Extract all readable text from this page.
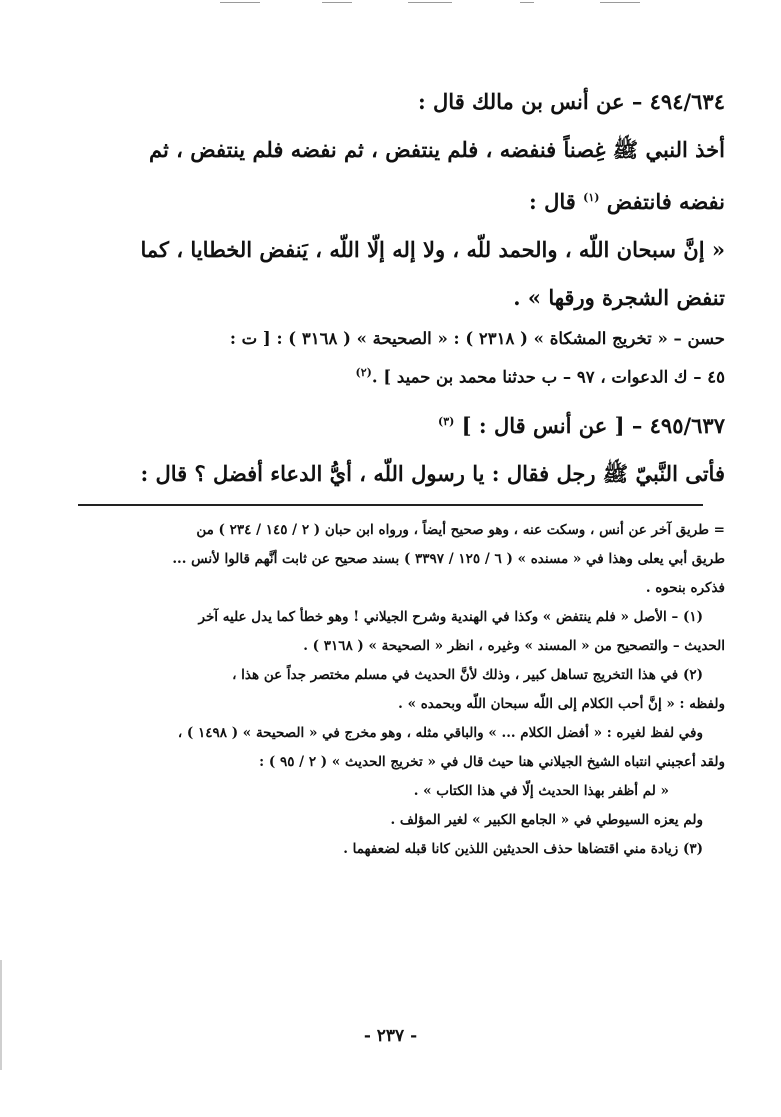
٤٩٤/٦٣٤ – عن أنس بن مالك قال :
أخذ النبي ﷺ غِصناً فنفضه ، فلم ينتفض ، ثم نفضه فلم ينتفض ، ثم
نفضه فانتفض $^{(١)}$ قال :
« إنَّ سبحان اللّه ، والحمد للّه ، ولا إله إلّا اللّه ، يَنفض الخطايا ، كما
تنفض الشجرة ورقها » .
حسن – « تخريج المشكاة » ( ٢٣١٨ ) : « الصحيحة » ( ٣١٦٨ ) : [ ت :
٤٥ – ك الدعوات ، ٩٧ – ب حدثنا محمد بن حميد ] .$^{(٢)}$
٤٩٥/٦٣٧ – [ عن أنس قال : ] $^{(٣)}$
فأتى النَّبيّ ﷺ رجل فقال : يا رسول اللّه ، أيُّ الدعاء أفضل ؟ قال :
= طريق آخر عن أنس ، وسكت عنه ، وهو صحيح أيضاً ، ورواه ابن حبان ( ٢ / ١٤٥ / ٢٣٤ ) من
طريق أبي يعلى وهذا في « مسنده » ( ٦ / ١٢٥ / ٣٣٩٧ ) بسند صحيح عن ثابت أنَّهم قالوا لأنس ...
فذكره بنحوه .
(١) – الأصل « فلم ينتفض » وكذا في الهندية وشرح الجيلاني ! وهو خطأ كما يدل عليه آخر
الحديث – والتصحيح من « المسند » وغيره ، انظر « الصحيحة » ( ٣١٦٨ ) .
(٢) في هذا التخريج تساهل كبير ، وذلك لأنَّ الحديث في مسلم مختصر جداً عن هذا ،
ولفظه : « إنَّ أحب الكلام إلى اللّه سبحان اللّه وبحمده » .
وفي لفظ لغيره : « أفضل الكلام ... » والباقي مثله ، وهو مخرج في « الصحيحة » ( ١٤٩٨ ) ،
ولقد أعجبني انتباه الشيخ الجيلاني هنا حيث قال في « تخريج الحديث » ( ٢ / ٩٥ ) :
« لم أظفر بهذا الحديث إلّا في هذا الكتاب » .
ولم يعزه السيوطي في « الجامع الكبير » لغير المؤلف .
(٣) زيادة مني اقتضاها حذف الحديثين اللذين كانا قبله لضعفهما .
- ٢٣٧ -
